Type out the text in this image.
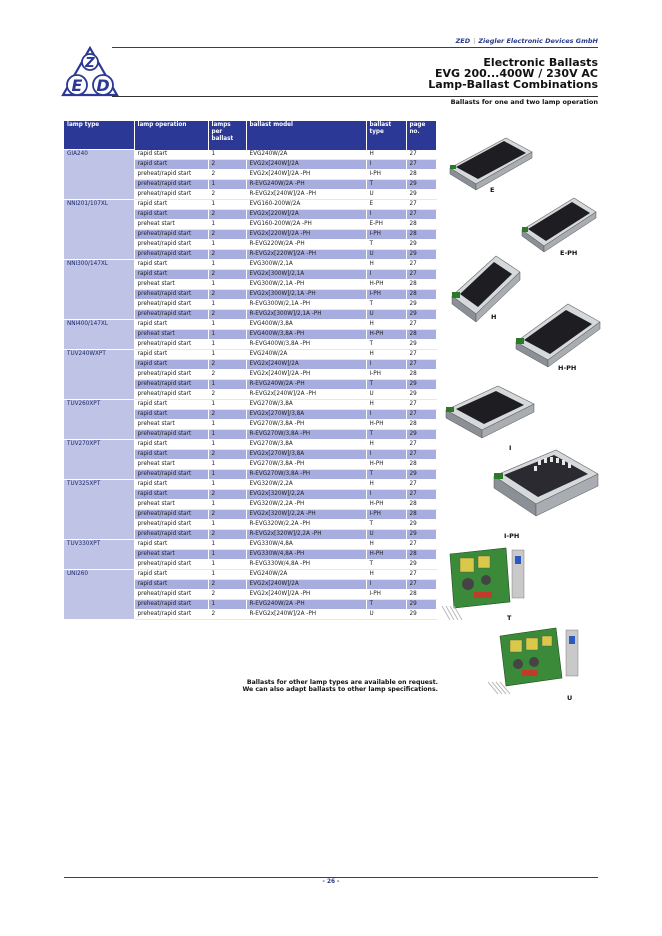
ZED | Ziegler Electronic Devices GmbH
Z
E D
Electronic Ballasts
EVG 200...400W / 230V AC
Lamp-Ballast Combinations
Ballasts for one and two lamp operation
lamp type	lamp operation	lamps per ballast	ballast model	ballast type	page no.
GIA240	rapid start	1	EVG240W/2A	H	27
	rapid start	2	EVG2x[240W]/2A	I	27
	preheat/rapid start	2	EVG2x[240W]/2A -PH	I-PH	28
	preheat/rapid start	1	R-EVG240W/2A -PH	T	29
	preheat/rapid start	2	R-EVG2x[240W]/2A -PH	U	29
NNI201/107XL	rapid start	1	EVG160-200W/2A	E	27
	rapid start	2	EVG2x[220W]/2A	I	27
	preheat start	1	EVG160-200W/2A -PH	E-PH	28
	preheat/rapid start	2	EVG2x[220W]/2A -PH	I-PH	28
	preheat/rapid start	1	R-EVG220W/2A -PH	T	29
	preheat/rapid start	2	R-EVG2x[220W]/2A -PH	U	29
NNI300/147XL	rapid start	1	EVG300W/2,1A	H	27
	rapid start	2	EVG2x[300W]/2,1A	I	27
	preheat start	1	EVG300W/2,1A -PH	H-PH	28
	preheat/rapid start	2	EVG2x[300W]/2,1A -PH	I-PH	28
	preheat/rapid start	1	R-EVG300W/2,1A -PH	T	29
	preheat/rapid start	2	R-EVG2x[300W]/2,1A -PH	U	29
NNI400/147XL	rapid start	1	EVG400W/3,8A	H	27
	preheat start	1	EVG400W/3,8A -PH	H-PH	28
	preheat/rapid start	1	R-EVG400W/3,8A -PH	T	29
TUV240WXPT	rapid start	1	EVG240W/2A	H	27
	rapid start	2	EVG2x[240W]/2A	I	27
	preheat/rapid start	2	EVG2x[240W]/2A -PH	I-PH	28
	preheat/rapid start	1	R-EVG240W/2A -PH	T	29
	preheat/rapid start	2	R-EVG2x[240W]/2A -PH	U	29
TUV260XPT	rapid start	1	EVG270W/3,8A	H	27
	rapid start	2	EVG2x[270W]/3,8A	I	27
	preheat start	1	EVG270W/3,8A -PH	H-PH	28
	preheat/rapid start	1	R-EVG270W/3,8A -PH	T	29
TUV270XPT	rapid start	1	EVG270W/3,8A	H	27
	rapid start	2	EVG2x[270W]/3,8A	I	27
	preheat start	1	EVG270W/3,8A -PH	H-PH	28
	preheat/rapid start	1	R-EVG270W/3,8A -PH	T	29
TUV325XPT	rapid start	1	EVG320W/2,2A	H	27
	rapid start	2	EVG2x[320W]/2,2A	I	27
	preheat start	1	EVG320W/2,2A -PH	H-PH	28
	preheat/rapid start	2	EVG2x[320W]/2,2A -PH	I-PH	28
	preheat/rapid start	1	R-EVG320W/2,2A -PH	T	29
	preheat/rapid start	2	R-EVG2x[320W]/2,2A -PH	U	29
TUV330XPT	rapid start	1	EVG330W/4,8A	H	27
	preheat start	1	EVG330W/4,8A -PH	H-PH	28
	preheat/rapid start	1	R-EVG330W/4,8A -PH	T	29
UNI260	rapid start	1	EVG240W/2A	H	27
	rapid start	2	EVG2x[240W]/2A	I	27
	preheat/rapid start	2	EVG2x[240W]/2A -PH	I-PH	28
	preheat/rapid start	1	R-EVG240W/2A -PH	T	29
	preheat/rapid start	2	R-EVG2x[240W]/2A -PH	U	29
E
E-PH
H
H-PH
I
I-PH
T
U
Ballasts for other lamp types are available on request.
We can also adapt ballasts to other lamp specifications.
- 26 -
